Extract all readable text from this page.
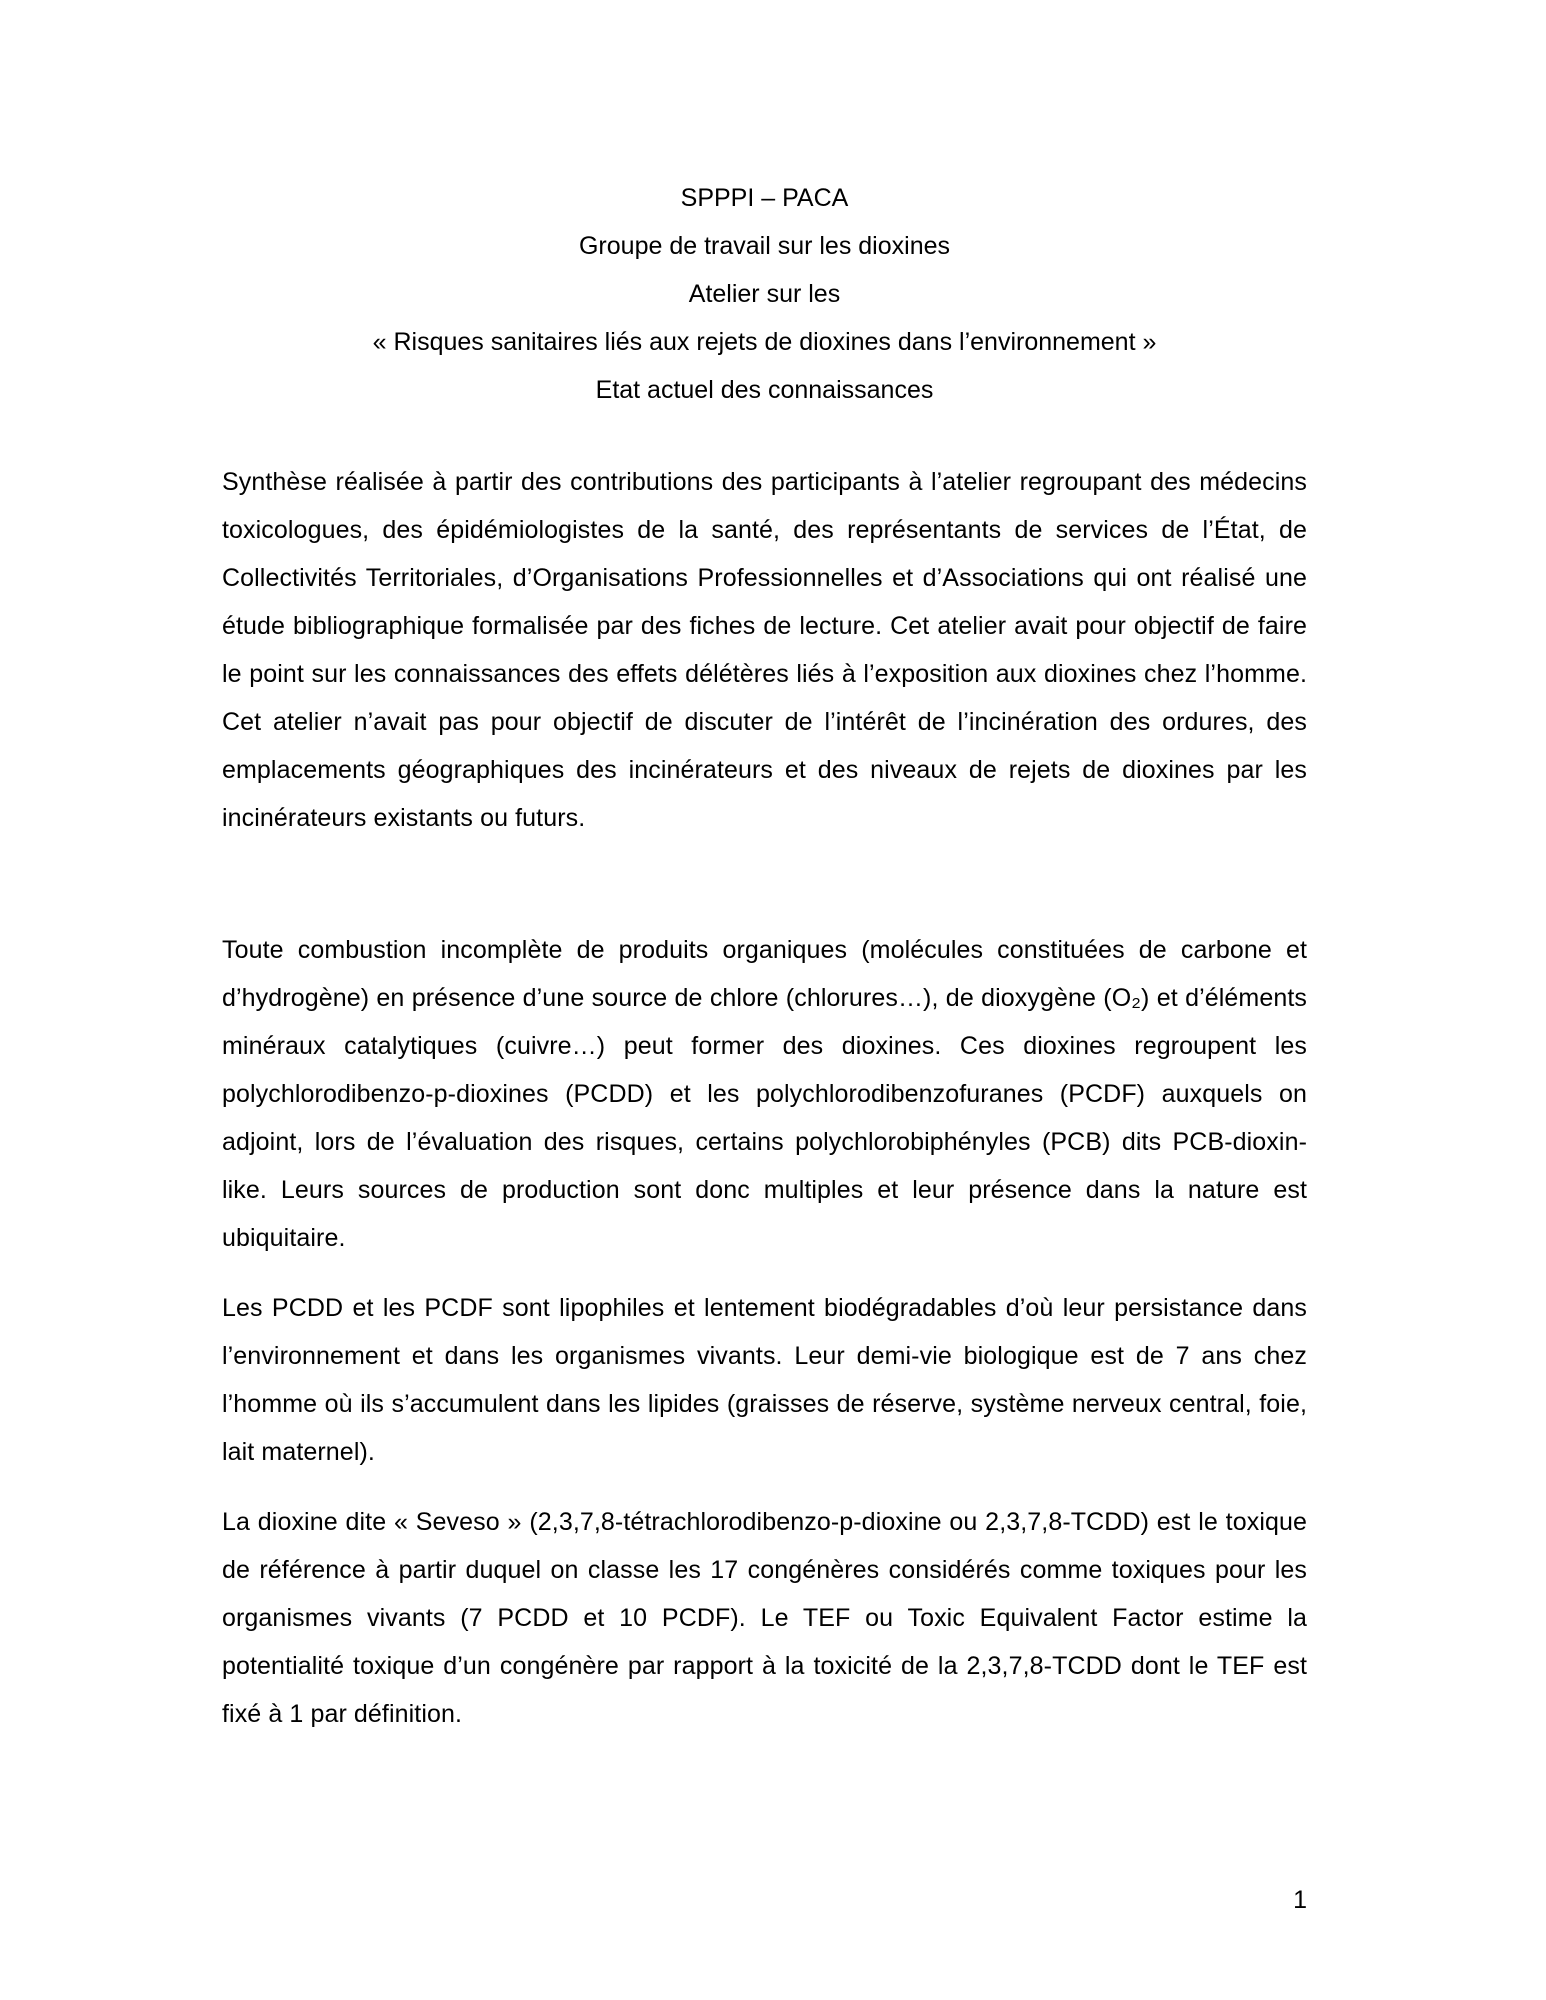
SPPPI – PACA
Groupe de travail sur les dioxines
Atelier sur les
« Risques sanitaires liés aux rejets de dioxines dans l’environnement »
Etat actuel des connaissances

Synthèse réalisée à partir des contributions des participants à l’atelier regroupant des médecins toxicologues, des épidémiologistes de la santé, des représentants de services de l’État, de Collectivités Territoriales, d’Organisations Professionnelles et d’Associations qui ont réalisé une étude bibliographique formalisée par des fiches de lecture. Cet atelier avait pour objectif de faire le point sur les connaissances des effets délétères liés à l’exposition aux dioxines chez l’homme. Cet atelier n’avait pas pour objectif de discuter de l’intérêt de l’incinération des ordures, des emplacements géographiques des incinérateurs et des niveaux de rejets de dioxines par les incinérateurs existants ou futurs.

Toute combustion incomplète de produits organiques (molécules constituées de carbone et d’hydrogène) en présence d’une source de chlore (chlorures…), de dioxygène (O₂) et d’éléments minéraux catalytiques (cuivre…) peut former des dioxines. Ces dioxines regroupent les polychlorodibenzo-p-dioxines (PCDD) et les polychlorodibenzofuranes (PCDF) auxquels on adjoint, lors de l’évaluation des risques, certains polychlorobiphényles (PCB) dits PCB-dioxin-like. Leurs sources de production sont donc multiples et leur présence dans la nature est ubiquitaire.

Les PCDD et les PCDF sont lipophiles et lentement biodégradables d’où leur persistance dans l’environnement et dans les organismes vivants. Leur demi-vie biologique est de 7 ans chez l’homme où ils s’accumulent dans les lipides (graisses de réserve, système nerveux central, foie, lait maternel).

La dioxine dite « Seveso » (2,3,7,8-tétrachlorodibenzo-p-dioxine ou 2,3,7,8-TCDD) est le toxique de référence à partir duquel on classe les 17 congénères considérés comme toxiques pour les organismes vivants (7 PCDD et 10 PCDF). Le TEF ou Toxic Equivalent Factor estime la potentialité toxique d’un congénère par rapport à la toxicité de la 2,3,7,8-TCDD dont le TEF est fixé à 1 par définition.

1
